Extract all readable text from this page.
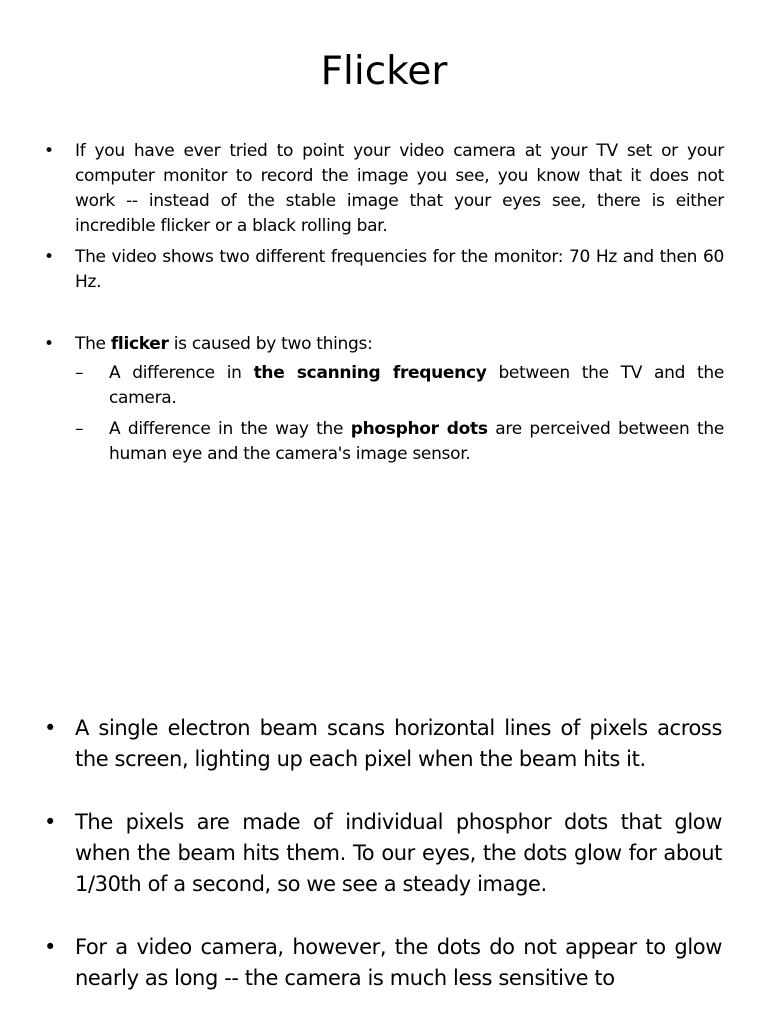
Flicker
• If you have ever tried to point your video camera at your TV set or your computer monitor to record the image you see, you know that it does not work -- instead of the stable image that your eyes see, there is either incredible flicker or a black rolling bar.
• The video shows two different frequencies for the monitor: 70 Hz and then 60 Hz.
• The flicker is caused by two things:
– A difference in the scanning frequency between the TV and the camera.
– A difference in the way the phosphor dots are perceived between the human eye and the camera's image sensor.
• A single electron beam scans horizontal lines of pixels across the screen, lighting up each pixel when the beam hits it.
• The pixels are made of individual phosphor dots that glow when the beam hits them. To our eyes, the dots glow for about 1/30th of a second, so we see a steady image.
• For a video camera, however, the dots do not appear to glow nearly as long -- the camera is much less sensitive to
